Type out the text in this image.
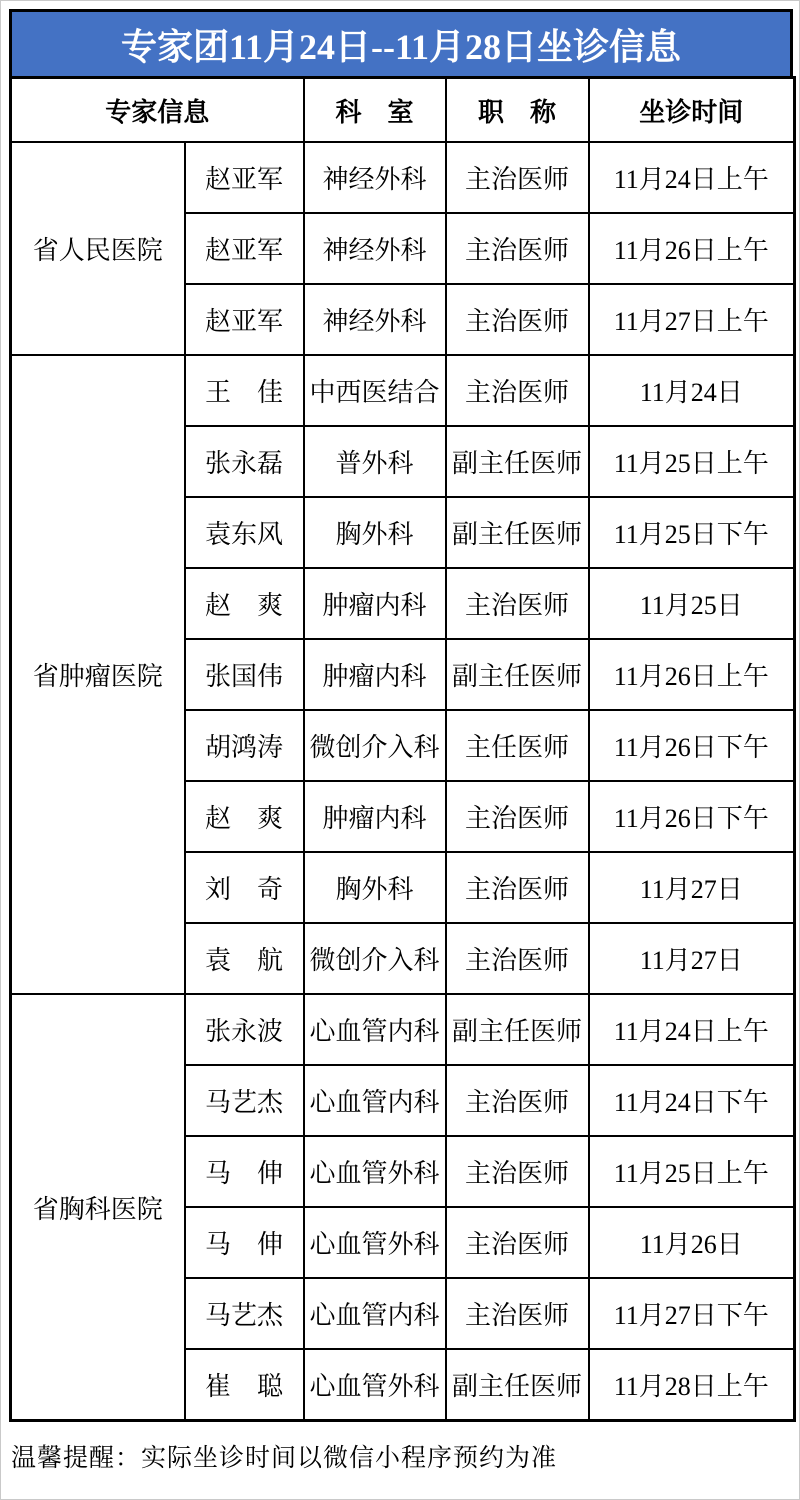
专家团11月24日--11月28日坐诊信息
专家信息		科　室	职　称	坐诊时间
省人民医院	赵亚军	神经外科	主治医师	11月24日上午
	赵亚军	神经外科	主治医师	11月26日上午
	赵亚军	神经外科	主治医师	11月27日上午
省肿瘤医院	王　佳	中西医结合	主治医师	11月24日
	张永磊	普外科	副主任医师	11月25日上午
	袁东风	胸外科	副主任医师	11月25日下午
	赵　爽	肿瘤内科	主治医师	11月25日
	张国伟	肿瘤内科	副主任医师	11月26日上午
	胡鸿涛	微创介入科	主任医师	11月26日下午
	赵　爽	肿瘤内科	主治医师	11月26日下午
	刘　奇	胸外科	主治医师	11月27日
	袁　航	微创介入科	主治医师	11月27日
省胸科医院	张永波	心血管内科	副主任医师	11月24日上午
	马艺杰	心血管内科	主治医师	11月24日下午
	马　伸	心血管外科	主治医师	11月25日上午
	马　伸	心血管外科	主治医师	11月26日
	马艺杰	心血管内科	主治医师	11月27日下午
	崔　聪	心血管外科	副主任医师	11月28日上午
温馨提醒：实际坐诊时间以微信小程序预约为准
